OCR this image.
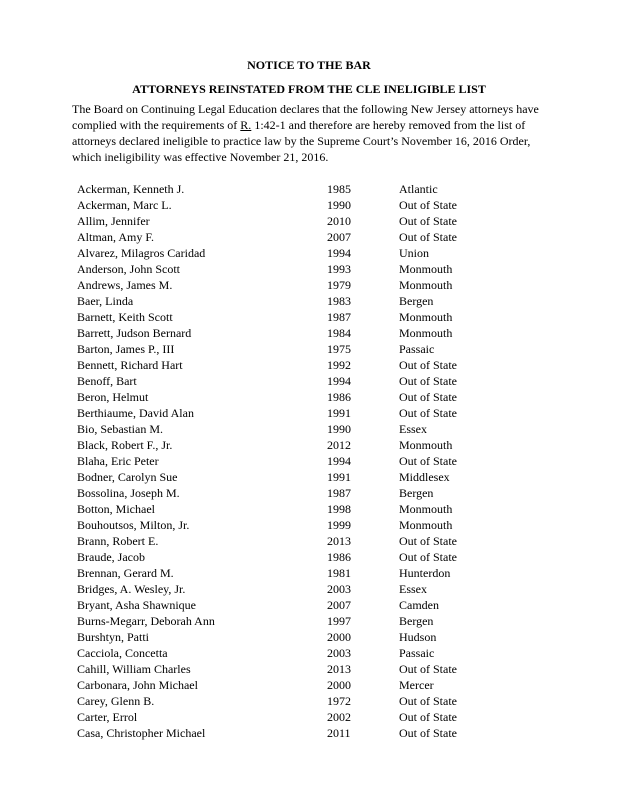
NOTICE TO THE BAR
ATTORNEYS REINSTATED FROM THE CLE INELIGIBLE LIST
The Board on Continuing Legal Education declares that the following New Jersey attorneys have complied with the requirements of R. 1:42-1 and therefore are hereby removed from the list of attorneys declared ineligible to practice law by the Supreme Court’s November 16, 2016 Order, which ineligibility was effective November 21, 2016.
Ackerman, Kenneth J.	1985	Atlantic
Ackerman, Marc L.	1990	Out of State
Allim, Jennifer	2010	Out of State
Altman, Amy F.	2007	Out of State
Alvarez, Milagros Caridad	1994	Union
Anderson, John Scott	1993	Monmouth
Andrews, James M.	1979	Monmouth
Baer, Linda	1983	Bergen
Barnett, Keith Scott	1987	Monmouth
Barrett, Judson Bernard	1984	Monmouth
Barton, James P., III	1975	Passaic
Bennett, Richard Hart	1992	Out of State
Benoff, Bart	1994	Out of State
Beron, Helmut	1986	Out of State
Berthiaume, David Alan	1991	Out of State
Bio, Sebastian M.	1990	Essex
Black, Robert F., Jr.	2012	Monmouth
Blaha, Eric Peter	1994	Out of State
Bodner, Carolyn Sue	1991	Middlesex
Bossolina, Joseph M.	1987	Bergen
Botton, Michael	1998	Monmouth
Bouhoutsos, Milton, Jr.	1999	Monmouth
Brann, Robert E.	2013	Out of State
Braude, Jacob	1986	Out of State
Brennan, Gerard M.	1981	Hunterdon
Bridges, A. Wesley, Jr.	2003	Essex
Bryant, Asha Shawnique	2007	Camden
Burns-Megarr, Deborah Ann	1997	Bergen
Burshtyn, Patti	2000	Hudson
Cacciola, Concetta	2003	Passaic
Cahill, William Charles	2013	Out of State
Carbonara, John Michael	2000	Mercer
Carey, Glenn B.	1972	Out of State
Carter, Errol	2002	Out of State
Casa, Christopher Michael	2011	Out of State
